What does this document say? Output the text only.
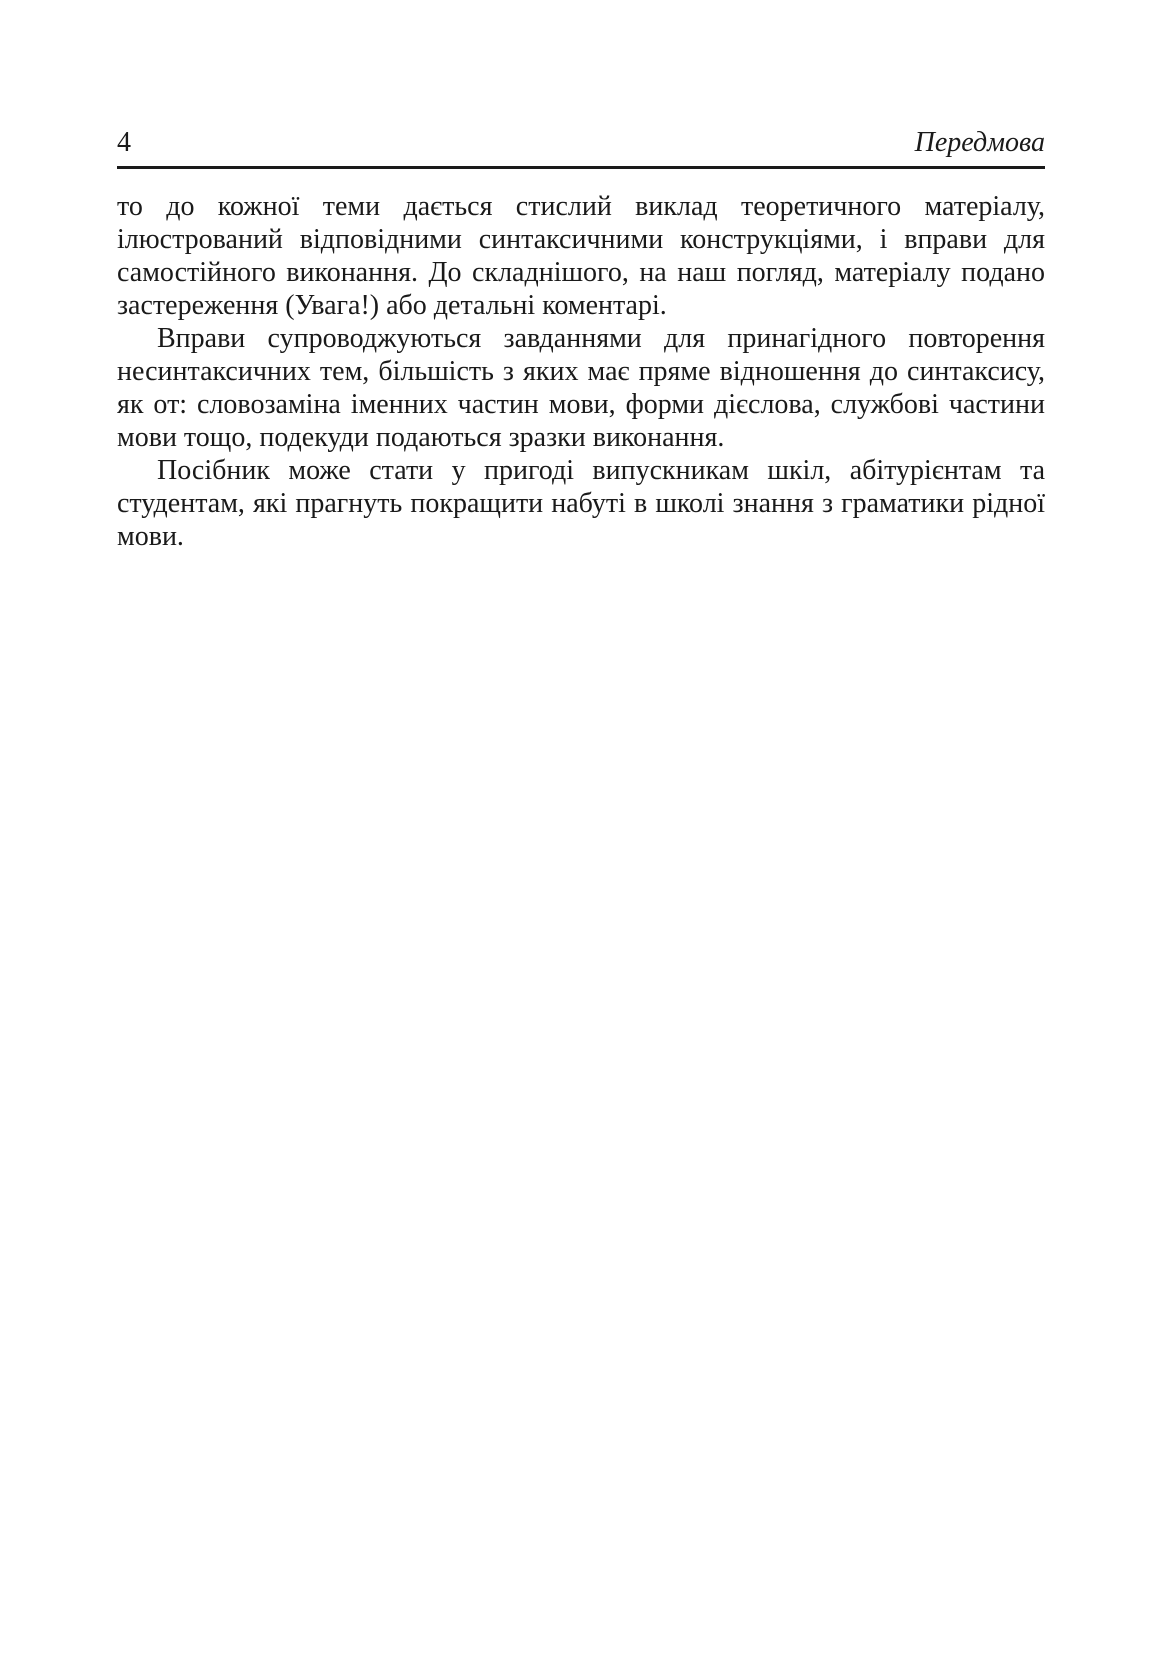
4	Передмова

то до кожної теми дається стислий виклад теоретичного матеріалу, ілюстрований відповідними синтаксичними конструкціями, і вправи для самостійного виконання. До складнішого, на наш погляд, матеріалу подано застереження (Увага!) або детальні коментарі.

Вправи супроводжуються завданнями для принагідного повторення несинтаксичних тем, більшість з яких має пряме відношення до синтаксису, як от: словозаміна іменних частин мови, форми дієслова, службові частини мови тощо, подекуди подаються зразки виконання.

Посібник може стати у пригоді випускникам шкіл, абітурієнтам та студентам, які прагнуть покращити набуті в школі знання з граматики рідної мови.
